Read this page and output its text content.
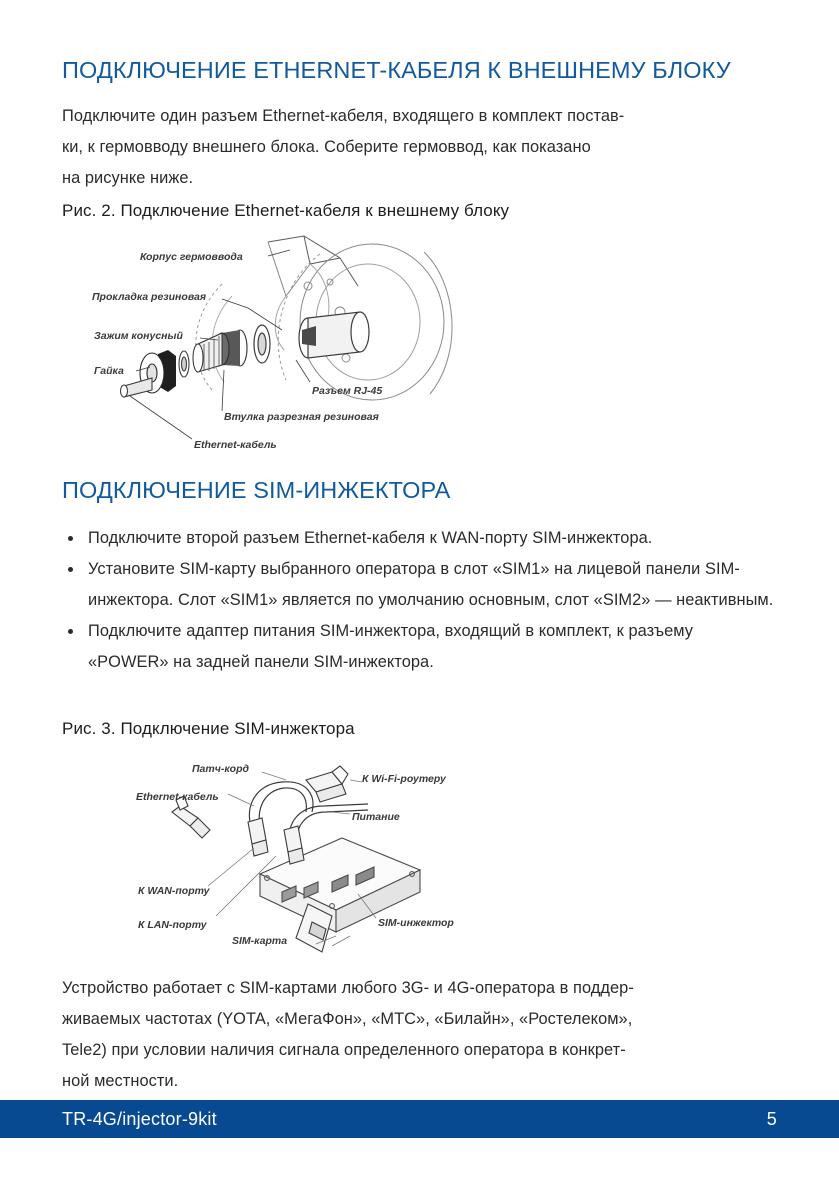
ПОДКЛЮЧЕНИЕ ETHERNET-КАБЕЛЯ К ВНЕШНЕМУ БЛОКУ
Подключите один разъем Ethernet-кабеля, входящего в комплект постав-
ки, к гермовводу внешнего блока. Соберите гермоввод, как показано
на рисунке ниже.
Рис. 2. Подключение Ethernet-кабеля к внешнему блоку
Корпус гермоввода
Прокладка резиновая
Зажим конусный
Гайка
Разъем RJ-45
Втулка разрезная резиновая
Ethernet-кабель
ПОДКЛЮЧЕНИЕ SIM-ИНЖЕКТОРА
Подключите второй разъем Ethernet-кабеля к WAN-порту SIM-инжектора.
Установите SIM-карту выбранного оператора в слот «SIM1» на лицевой панели SIM-инжектора. Слот «SIM1» является по умолчанию основным, слот «SIM2» — неактивным.
Подключите адаптер питания SIM-инжектора, входящий в комплект, к разъему «POWER» на задней панели SIM-инжектора.
Рис. 3. Подключение SIM-инжектора
Патч-корд
К Wi-Fi-роутеру
Ethernet-кабель
Питание
К WAN-порту
К LAN-порту
SIM-карта
SIM-инжектор
Устройство работает с SIM-картами любого 3G- и 4G-оператора в поддер-
живаемых частотах (YOTA, «МегаФон», «МТС», «Билайн», «Ростелеком»,
Tele2) при условии наличия сигнала определенного оператора в конкрет-
ной местности.
TR-4G/injector-9kit	5
